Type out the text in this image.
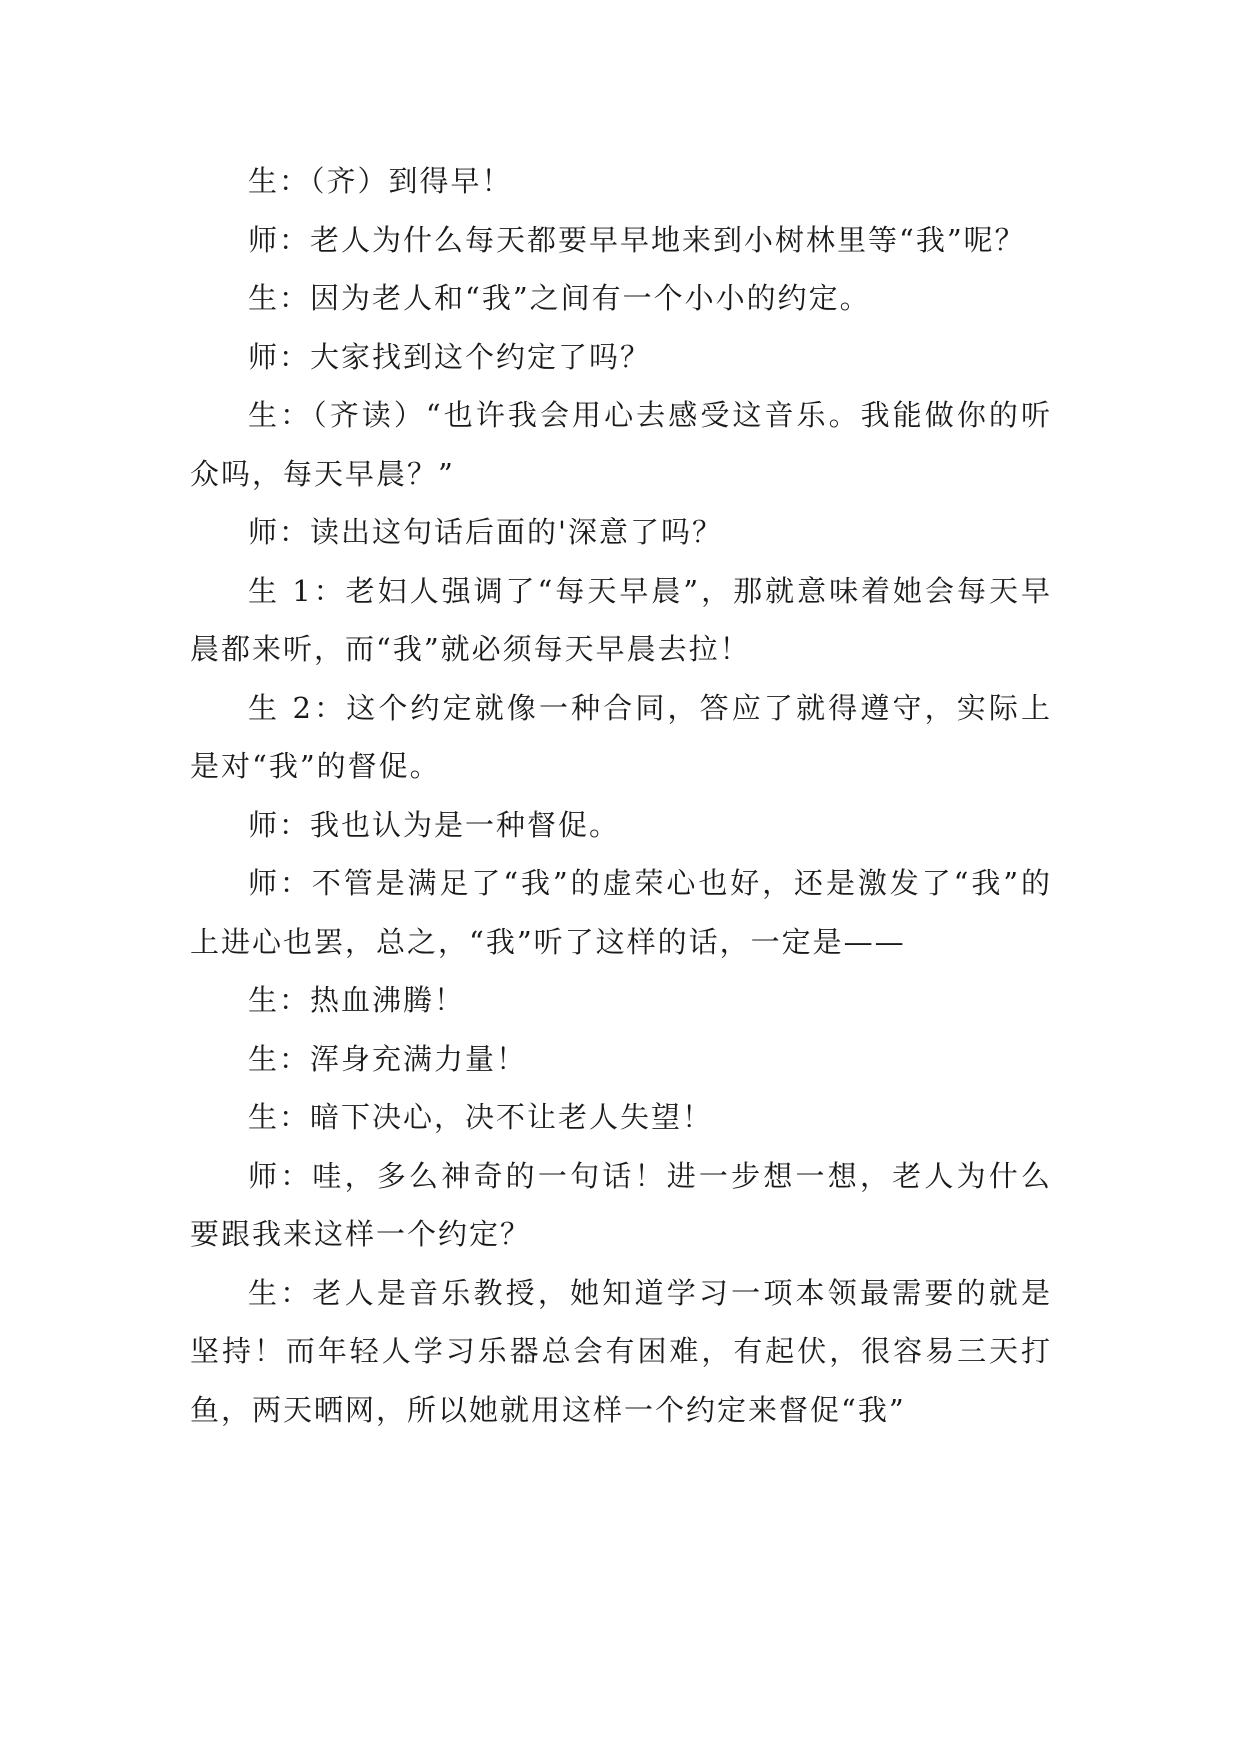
生：（齐）到得早！

师：老人为什么每天都要早早地来到小树林里等“我”呢？

生：因为老人和“我”之间有一个小小的约定。

师：大家找到这个约定了吗？

生：（齐读）“也许我会用心去感受这音乐。我能做你的听众吗，每天早晨？”

师：读出这句话后面的'深意了吗？

生 1：老妇人强调了“每天早晨”，那就意味着她会每天早晨都来听，而“我”就必须每天早晨去拉！

生 2：这个约定就像一种合同，答应了就得遵守，实际上是对“我”的督促。

师：我也认为是一种督促。

师：不管是满足了“我”的虚荣心也好，还是激发了“我”的上进心也罢，总之，“我”听了这样的话，一定是——

生：热血沸腾！

生：浑身充满力量！

生：暗下决心，决不让老人失望！

师：哇，多么神奇的一句话！进一步想一想，老人为什么要跟我来这样一个约定？

生：老人是音乐教授，她知道学习一项本领最需要的就是坚持！而年轻人学习乐器总会有困难，有起伏，很容易三天打鱼，两天晒网，所以她就用这样一个约定来督促“我”
